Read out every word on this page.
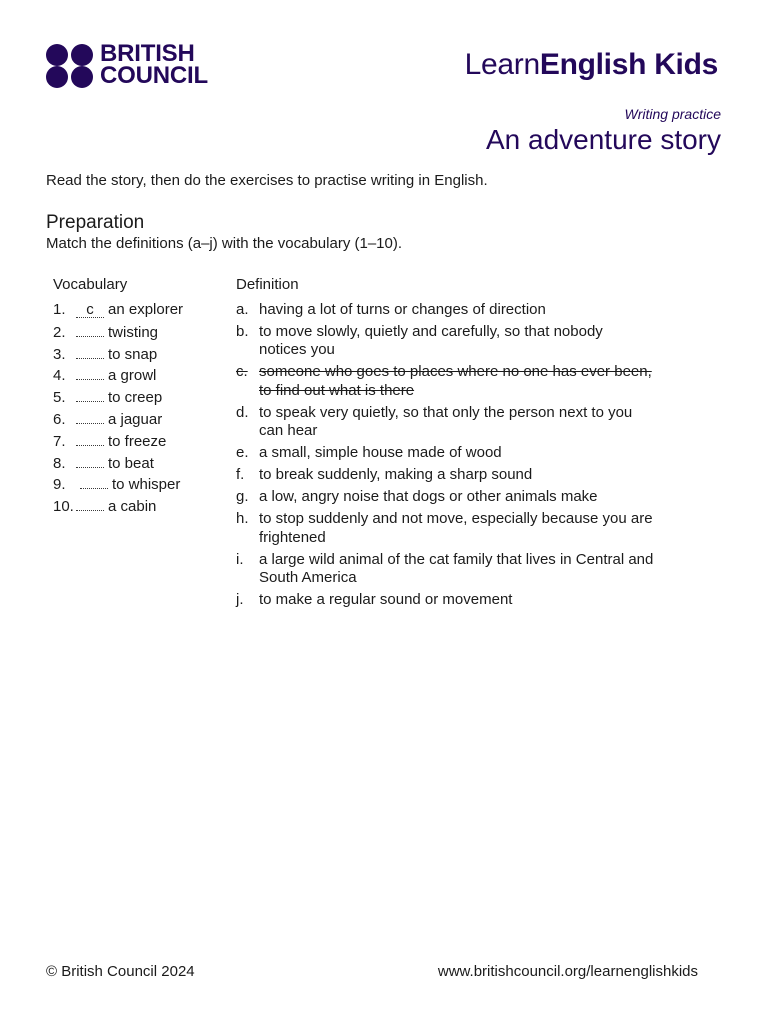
BRITISH
COUNCIL	LearnEnglish Kids
Writing practice
An adventure story
Read the story, then do the exercises to practise writing in English.
Preparation
Match the definitions (a–j) with the vocabulary (1–10).
Vocabulary	Definition
1.	c an explorer
2.	twisting
3.	to snap
4.	a growl
5.	to creep
6.	a jaguar
7.	to freeze
8.	to beat
9.	to whisper
10. a cabin
a. having a lot of turns or changes of direction
b. to move slowly, quietly and carefully, so that nobody
notices you
c. someone who goes to places where no one has ever been,
to find out what is there
d. to speak very quietly, so that only the person next to you
can hear
e. a small, simple house made of wood
f. to break suddenly, making a sharp sound
g. a low, angry noise that dogs or other animals make
h. to stop suddenly and not move, especially because you are
frightened
i.	a large wild animal of the cat family that lives in Central and
South America
j.	to make a regular sound or movement
© British Council 2024	www.britishcouncil.org/learnenglishkids
